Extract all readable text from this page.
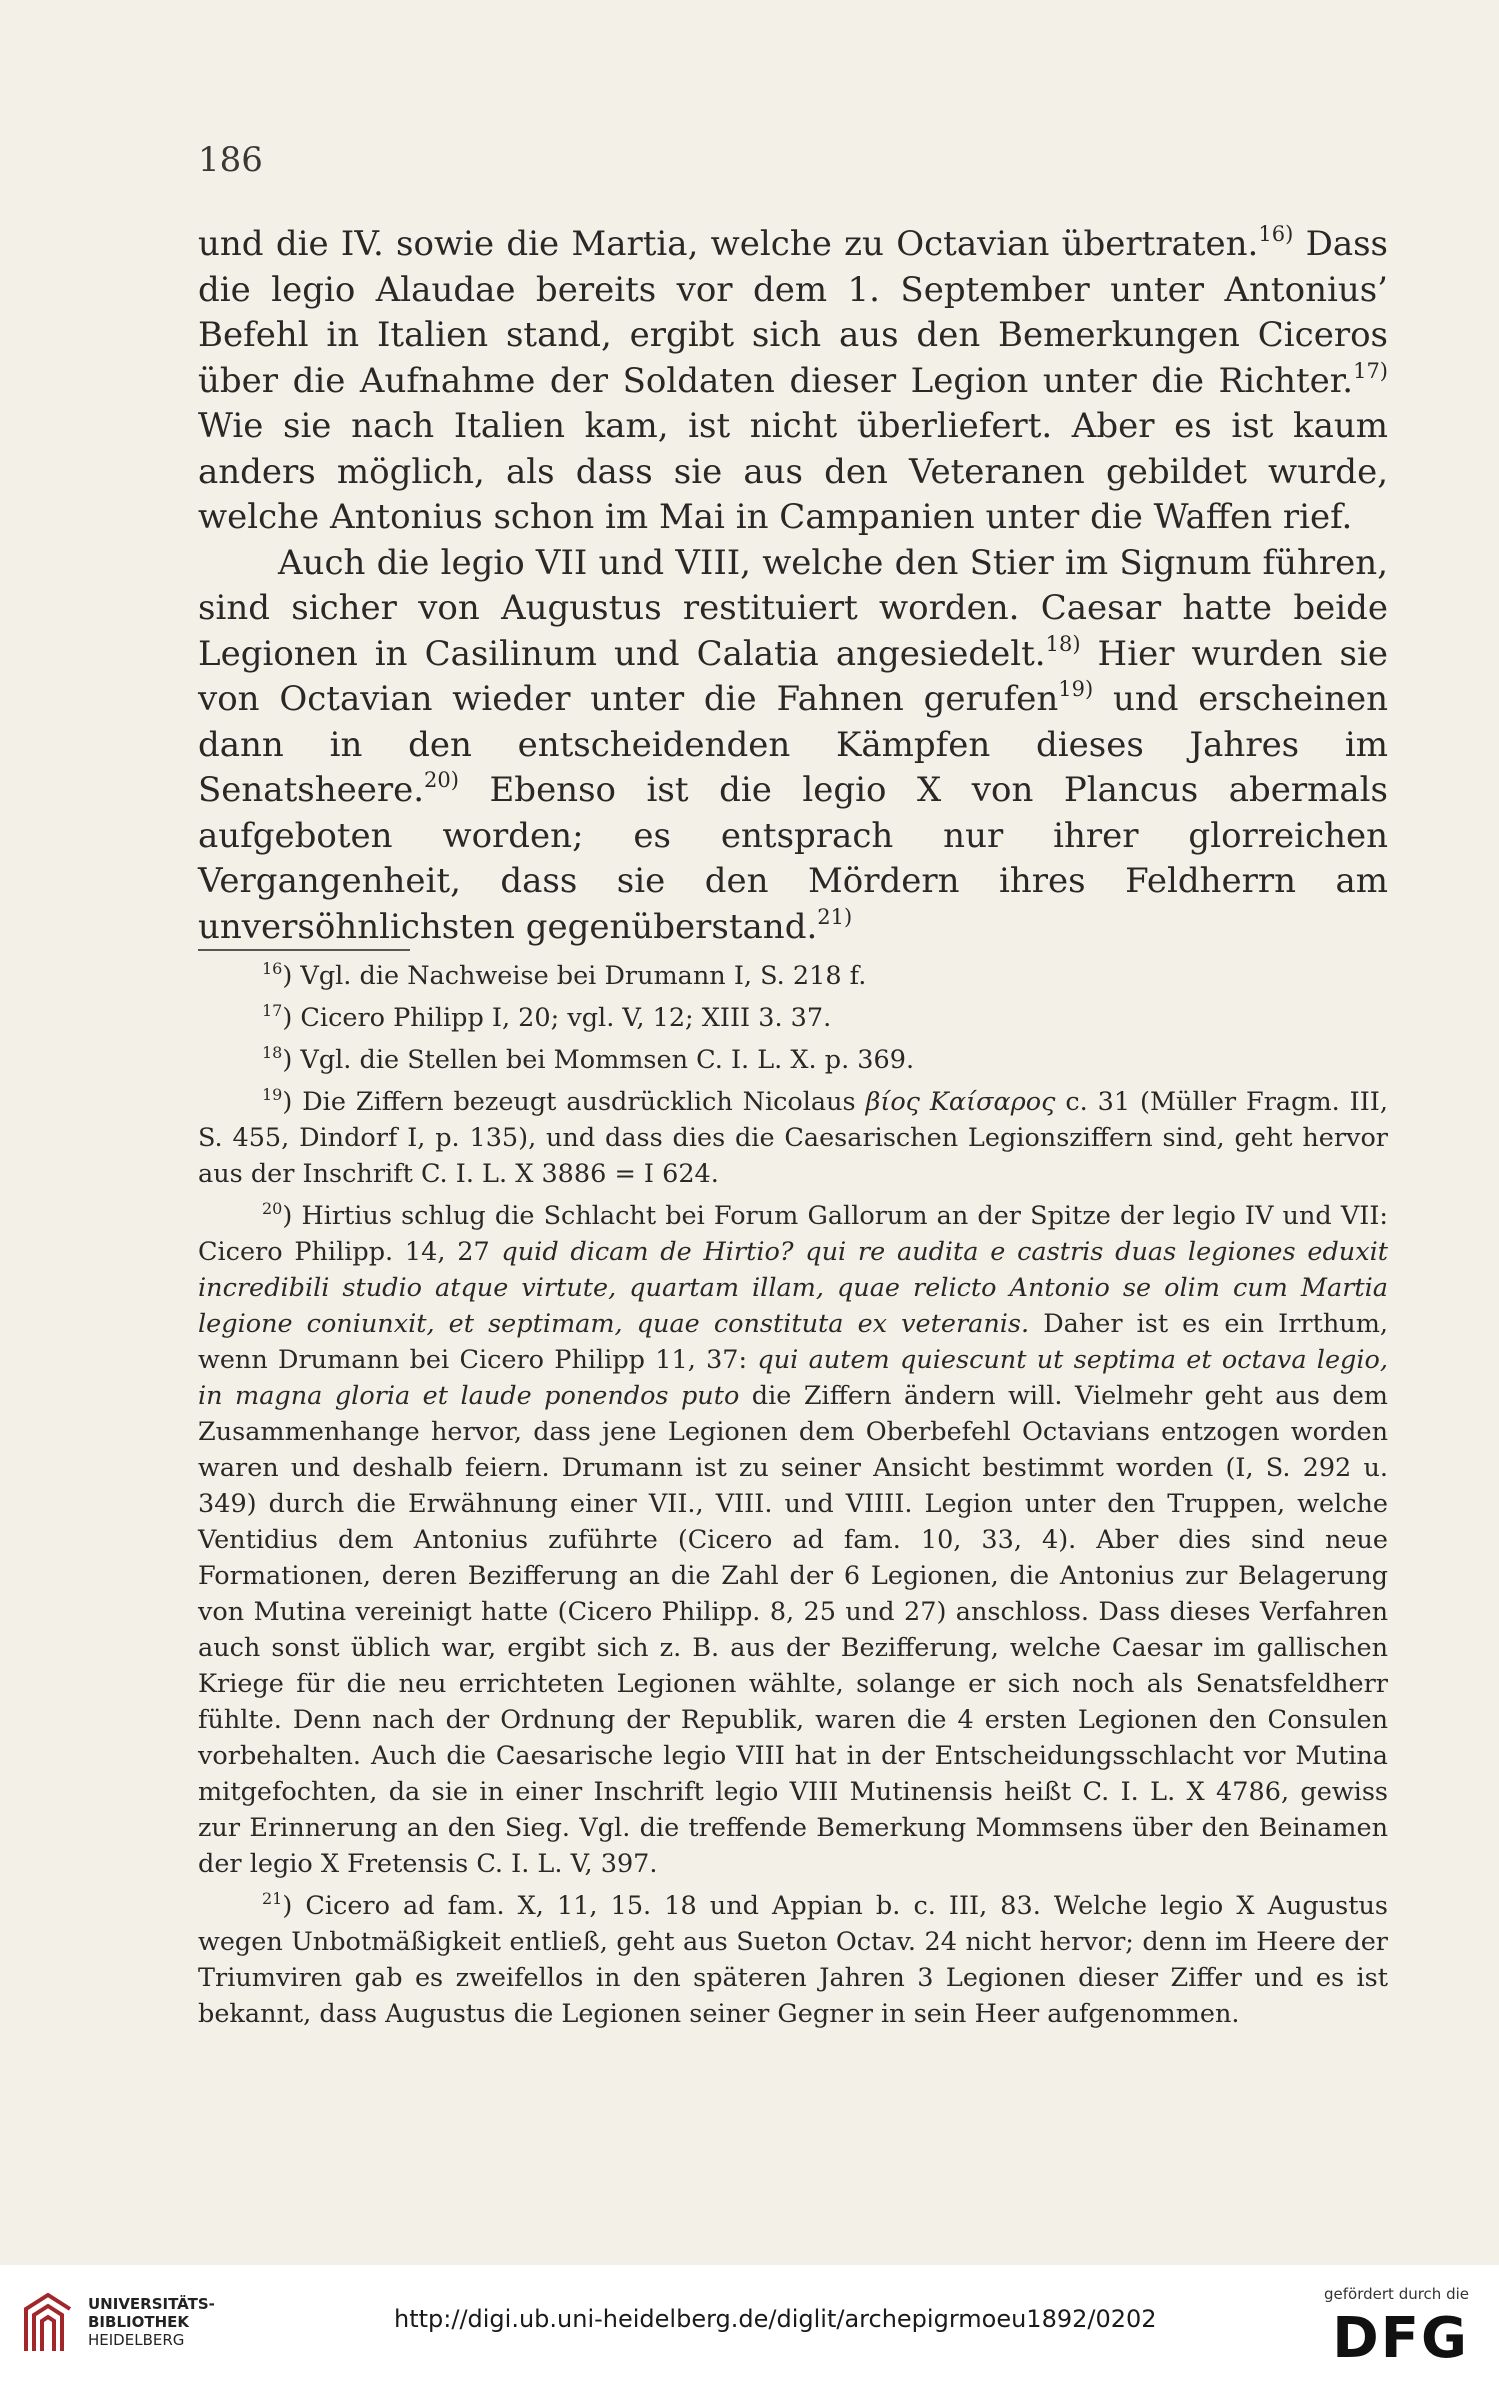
186

und die IV. sowie die Martia, welche zu Octavian übertraten.$^{16)}$ Dass die legio Alaudae bereits vor dem 1. September unter Antonius’ Befehl in Italien stand, ergibt sich aus den Bemerkungen Ciceros über die Aufnahme der Soldaten dieser Legion unter die Richter.$^{17)}$ Wie sie nach Italien kam, ist nicht überliefert. Aber es ist kaum anders möglich, als dass sie aus den Veteranen gebildet wurde, welche Antonius schon im Mai in Campanien unter die Waffen rief.

Auch die legio VII und VIII, welche den Stier im Signum führen, sind sicher von Augustus restituiert worden. Caesar hatte beide Legionen in Casilinum und Calatia angesiedelt.$^{18)}$ Hier wurden sie von Octavian wieder unter die Fahnen gerufen$^{19)}$ und erscheinen dann in den entscheidenden Kämpfen dieses Jahres im Senatsheere.$^{20)}$ Ebenso ist die legio X von Plancus abermals aufgeboten worden; es entsprach nur ihrer glorreichen Vergangenheit, dass sie den Mördern ihres Feldherrn am unversöhnlichsten gegenüberstand.$^{21)}$

$^{16}$) Vgl. die Nachweise bei Drumann I, S. 218 f.

$^{17}$) Cicero Philipp I, 20; vgl. V, 12; XIII 3. 37.

$^{18}$) Vgl. die Stellen bei Mommsen C. I. L. X. p. 369.

$^{19}$) Die Ziffern bezeugt ausdrücklich Nicolaus βίος Καίσαρος c. 31 (Müller Fragm. III, S. 455, Dindorf I, p. 135), und dass dies die Caesarischen Legionsziffern sind, geht hervor aus der Inschrift C. I. L. X 3886 = I 624.

$^{20}$) Hirtius schlug die Schlacht bei Forum Gallorum an der Spitze der legio IV und VII: Cicero Philipp. 14, 27 quid dicam de Hirtio? qui re audita e castris duas legiones eduxit incredibili studio atque virtute, quartam illam, quae relicto Antonio se olim cum Martia legione coniunxit, et septimam, quae constituta ex veteranis. Daher ist es ein Irrthum, wenn Drumann bei Cicero Philipp 11, 37: qui autem quiescunt ut septima et octava legio, in magna gloria et laude ponendos puto die Ziffern ändern will. Vielmehr geht aus dem Zusammenhange hervor, dass jene Legionen dem Oberbefehl Octavians entzogen worden waren und deshalb feiern. Drumann ist zu seiner Ansicht bestimmt worden (I, S. 292 u. 349) durch die Erwähnung einer VII., VIII. und VIIII. Legion unter den Truppen, welche Ventidius dem Antonius zuführte (Cicero ad fam. 10, 33, 4). Aber dies sind neue Formationen, deren Bezifferung an die Zahl der 6 Legionen, die Antonius zur Belagerung von Mutina vereinigt hatte (Cicero Philipp. 8, 25 und 27) anschloss. Dass dieses Verfahren auch sonst üblich war, ergibt sich z. B. aus der Bezifferung, welche Caesar im gallischen Kriege für die neu errichteten Legionen wählte, solange er sich noch als Senatsfeldherr fühlte. Denn nach der Ordnung der Republik, waren die 4 ersten Legionen den Consulen vorbehalten. Auch die Caesarische legio VIII hat in der Entscheidungsschlacht vor Mutina mitgefochten, da sie in einer Inschrift legio VIII Mutinensis heißt C. I. L. X 4786, gewiss zur Erinnerung an den Sieg. Vgl. die treffende Bemerkung Mommsens über den Beinamen der legio X Fretensis C. I. L. V, 397.

$^{21}$) Cicero ad fam. X, 11, 15. 18 und Appian b. c. III, 83. Welche legio X Augustus wegen Unbotmäßigkeit entließ, geht aus Sueton Octav. 24 nicht hervor; denn im Heere der Triumviren gab es zweifellos in den späteren Jahren 3 Legionen dieser Ziffer und es ist bekannt, dass Augustus die Legionen seiner Gegner in sein Heer aufgenommen.

UNIVERSITÄTS-
BIBLIOTHEK
HEIDELBERG
http://digi.ub.uni-heidelberg.de/diglit/archepigrmoeu1892/0202
gefördert durch die
DFG
